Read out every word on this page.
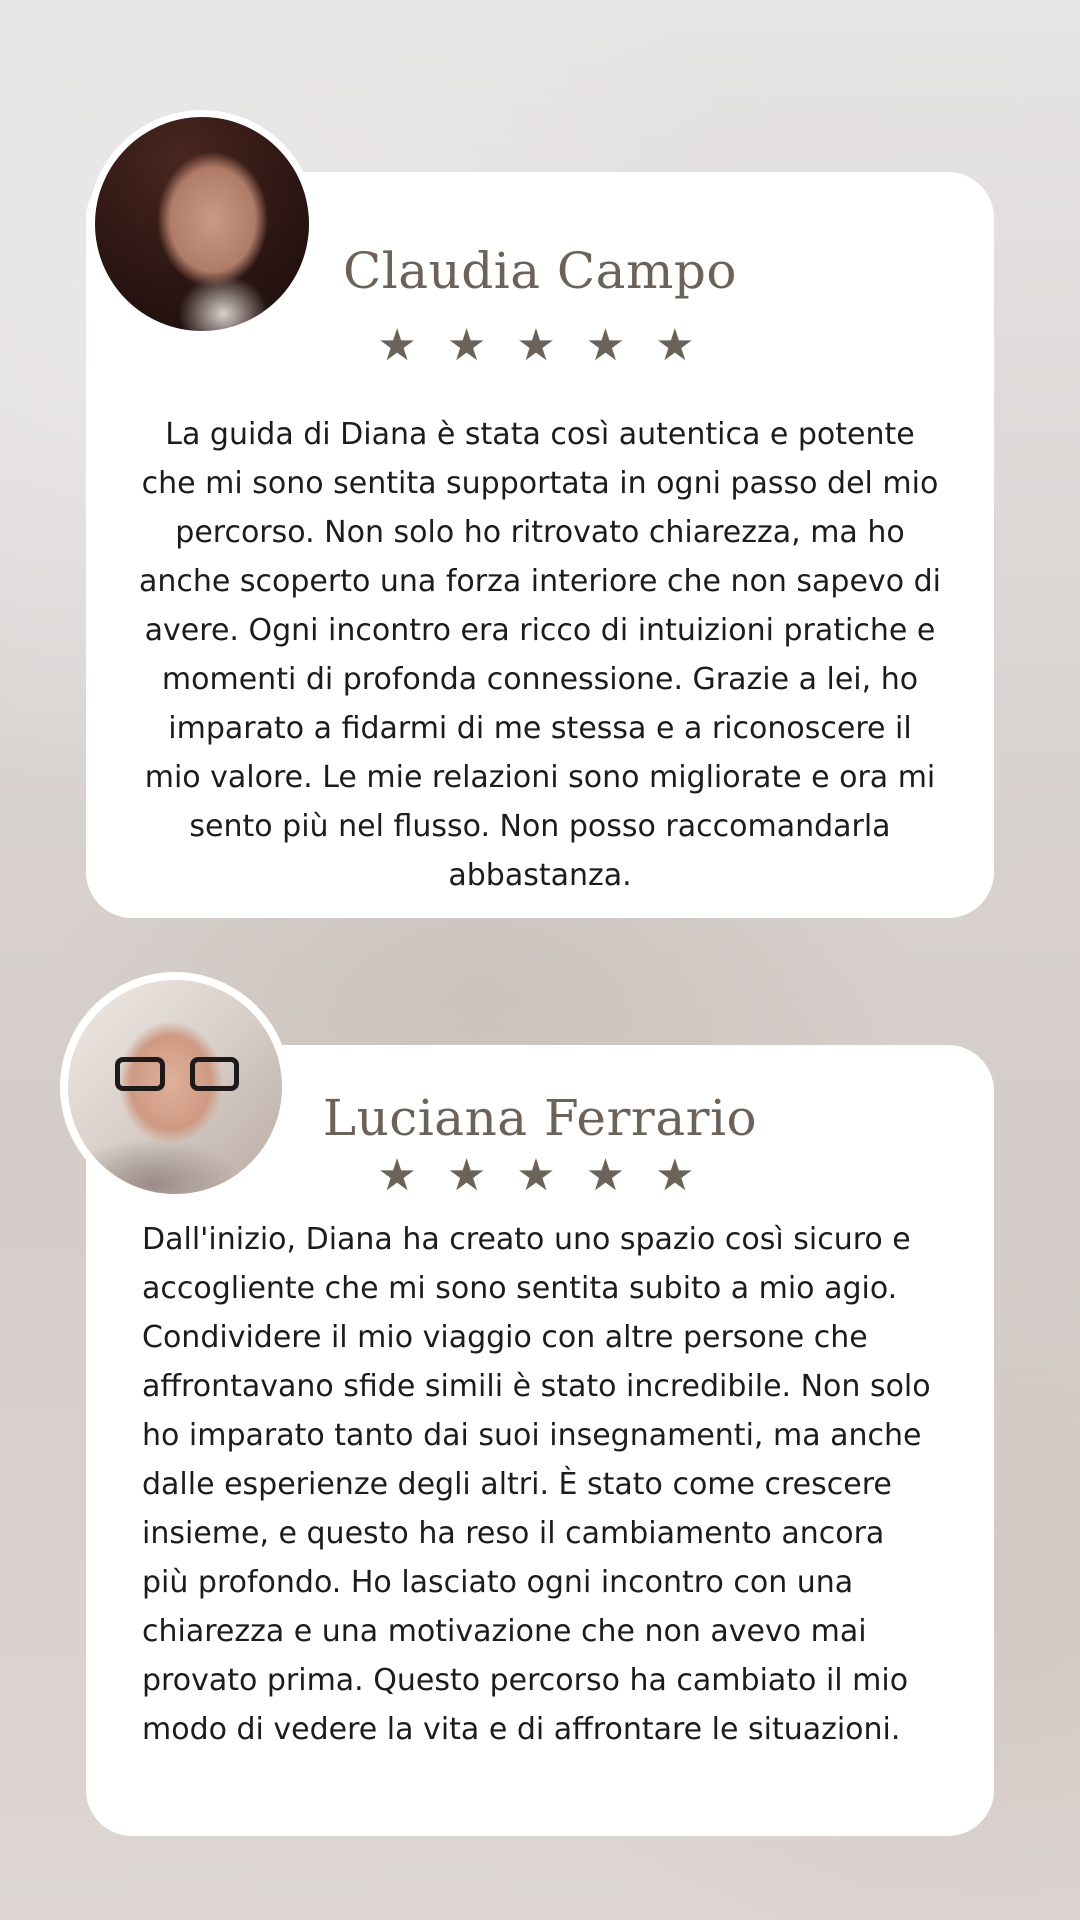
Claudia Campo
★ ★ ★ ★ ★

La guida di Diana è stata così autentica e potente che mi sono sentita supportata in ogni passo del mio percorso. Non solo ho ritrovato chiarezza, ma ho anche scoperto una forza interiore che non sapevo di avere. Ogni incontro era ricco di intuizioni pratiche e momenti di profonda connessione. Grazie a lei, ho imparato a fidarmi di me stessa e a riconoscere il mio valore. Le mie relazioni sono migliorate e ora mi sento più nel flusso. Non posso raccomandarla abbastanza.

Luciana Ferrario
★ ★ ★ ★ ★

Dall'inizio, Diana ha creato uno spazio così sicuro e accogliente che mi sono sentita subito a mio agio. Condividere il mio viaggio con altre persone che affrontavano sfide simili è stato incredibile. Non solo ho imparato tanto dai suoi insegnamenti, ma anche dalle esperienze degli altri. È stato come crescere insieme, e questo ha reso il cambiamento ancora più profondo. Ho lasciato ogni incontro con una chiarezza e una motivazione che non avevo mai provato prima. Questo percorso ha cambiato il mio modo di vedere la vita e di affrontare le situazioni.
